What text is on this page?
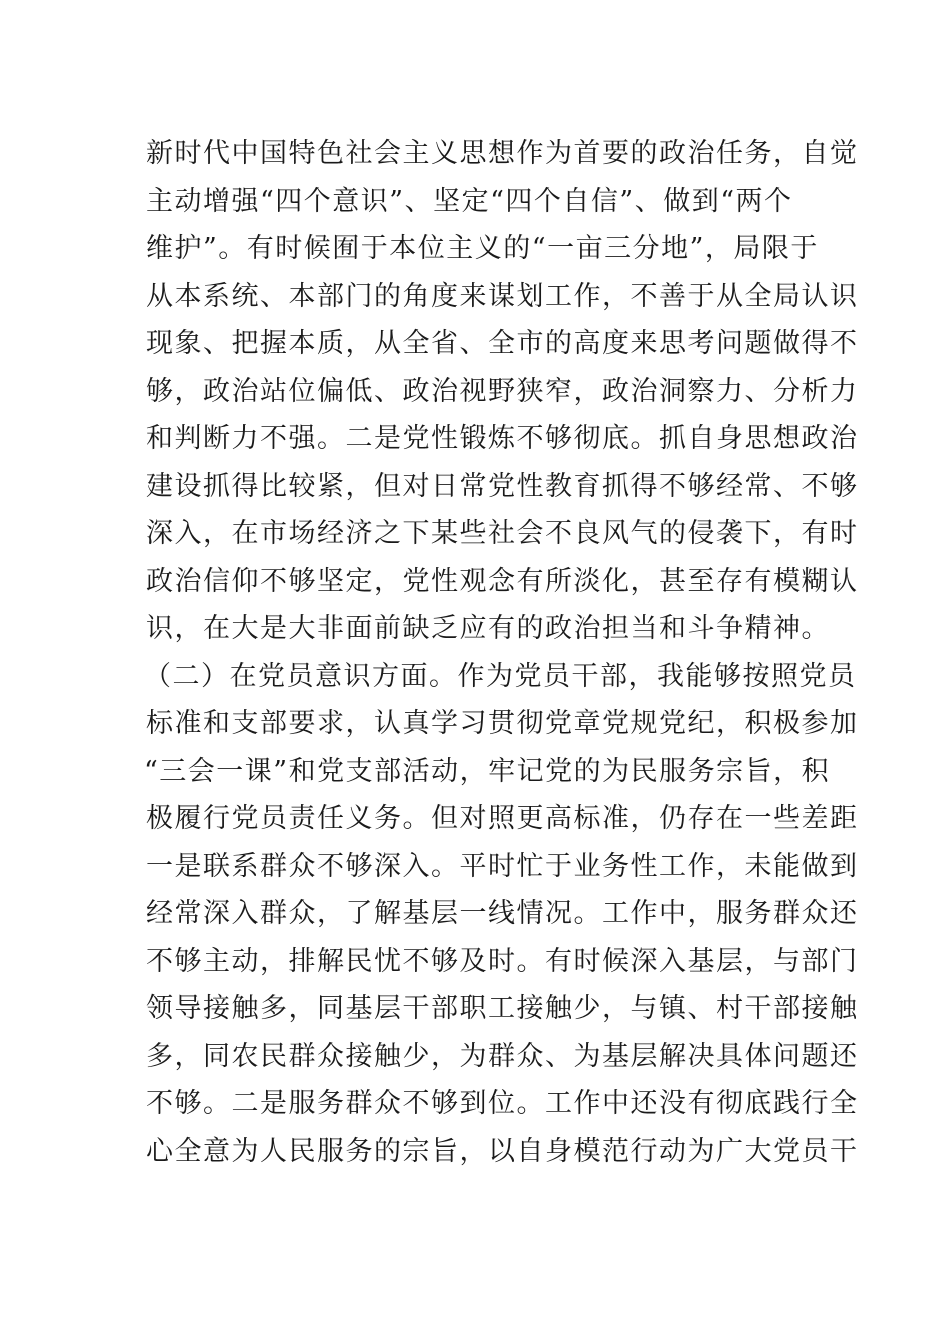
新时代中国特色社会主义思想作为首要的政治任务，自觉
主动增强“四个意识”、坚定“四个自信”、做到“两个
维护”。有时候囿于本位主义的“一亩三分地”，局限于
从本系统、本部门的角度来谋划工作，不善于从全局认识
现象、把握本质，从全省、全市的高度来思考问题做得不
够，政治站位偏低、政治视野狭窄，政治洞察力、分析力
和判断力不强。二是党性锻炼不够彻底。抓自身思想政治
建设抓得比较紧，但对日常党性教育抓得不够经常、不够
深入，在市场经济之下某些社会不良风气的侵袭下，有时
政治信仰不够坚定，党性观念有所淡化，甚至存有模糊认
识，在大是大非面前缺乏应有的政治担当和斗争精神。
（二）在党员意识方面。作为党员干部，我能够按照党员
标准和支部要求，认真学习贯彻党章党规党纪，积极参加
“三会一课”和党支部活动，牢记党的为民服务宗旨，积
极履行党员责任义务。但对照更高标准，仍存在一些差距
一是联系群众不够深入。平时忙于业务性工作，未能做到
经常深入群众，了解基层一线情况。工作中，服务群众还
不够主动，排解民忧不够及时。有时候深入基层，与部门
领导接触多，同基层干部职工接触少，与镇、村干部接触
多，同农民群众接触少，为群众、为基层解决具体问题还
不够。二是服务群众不够到位。工作中还没有彻底践行全
心全意为人民服务的宗旨，以自身模范行动为广大党员干
